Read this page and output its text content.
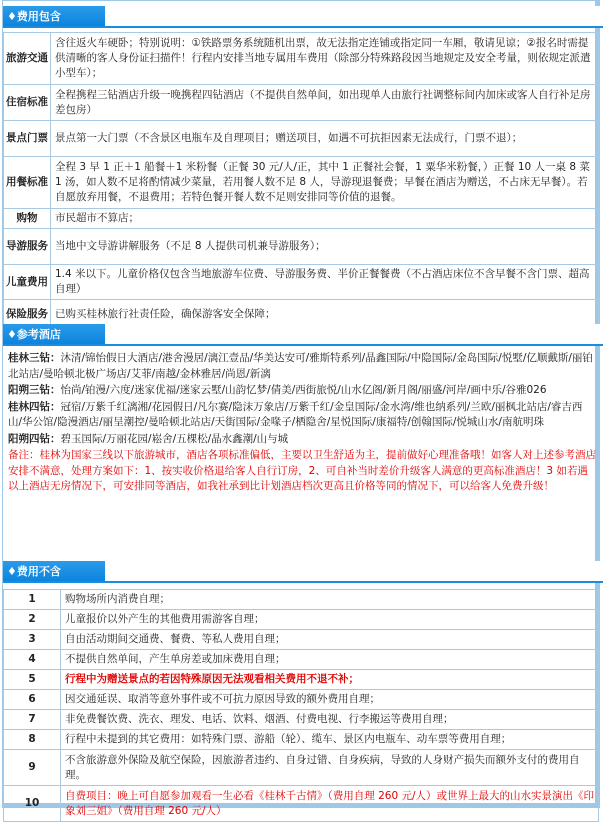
♦费用包含
旅游交通	含往返火车硬卧；特别说明：①铁路票务系统随机出票，故无法指定连铺或指定同一车厢，敬请见谅；②报名时需提供清晰的客人身份证扫描件！行程内安排当地专属用车费用（除部分特殊路段因当地规定及安全考量，则依规定派遣小型车）；
住宿标准	全程携程三钻酒店升级一晚携程四钻酒店（不提供自然单间，如出现单人由旅行社调整标间内加床或客人自行补足房差包房）
景点门票	景点第一大门票（不含景区电瓶车及自理项目；赠送项目，如遇不可抗拒因素无法成行，门票不退）；
用餐标准	全程 3 早 1 正＋1 船餐＋1 米粉餐（正餐 30 元/人/正，其中 1 正餐社会餐，1 粟华米粉餐，）正餐 10 人一桌 8 菜 1 汤，如人数不足将酌情减少菜量，若用餐人数不足 8 人，导游现退餐费；早餐在酒店为赠送，不占床无早餐）。若自愿放弃用餐，不退费用；若特色餐开餐人数不足则安排同等价值的退餐。
购物	市民超市不算店；
导游服务	当地中文导游讲解服务（不足 8 人提供司机兼导游服务）；
儿童费用	1.4 米以下。儿童价格仅包含当地旅游车位费、导游服务费、半价正餐餐费（不占酒店床位不含早餐不含门票、超高自理）
保险服务	已购买桂林旅行社责任险，确保游客安全保障；
♦参考酒店

桂林三钻：沐清/锦怡假日大酒店/港舍漫居/漓江壹品/华美达安可/雅斯特系列/晶鑫国际/中隐国际/金岛国际/悦墅/亿顺戴斯/丽铂北站店/曼哈顿北极广场店/艾菲/南越/金林雅居/尚恩/新漓

阳朔三钻：怡尚/铂漫/六度/迷家优福/迷家云墅/山韵忆梦/倩美/西街旅悦/山水亿阁/新月阁/丽盛/河岸/画中乐/谷雅026

桂林四钻：冠宿/万紫千红漓湘/花园假日/凡尔赛/隐沫万象店/万紫千红/金皇国际/金水湾/维也纳系列/兰欧/丽枫北站店/睿吉西山/华公馆/隐漫酒店/丽呈潮控/曼哈顿北站店/天街国际/金喙子/栖隐舍/星悦国际/康福特/创翰国际/悦城山水/南航明珠

阳朔四钻：碧玉国际/万丽花园/崧舍/五棵松/晶水鑫潮/山与城

备注：桂林为国家三线以下旅游城市，酒店各项标准偏低，主要以卫生舒适为主，提前做好心理准备哦！如客人对上述参考酒店安排不满意，处理方案如下：1、按实收价格退给客人自行订房，2、可自补当时差价升级客人满意的更高标准酒店！3 如若遇以上酒店无房情况下，可安排同等酒店，如我社承到比计划酒店档次更高且价格等同的情况下，可以给客人免费升级！

♦费用不含
1	购物场所内消费自理；
2	儿童报价以外产生的其他费用需游客自理；
3	自由活动期间交通费、餐费、等私人费用自理；
4	不提供自然单间，产生单房差或加床费用自理；
5	行程中为赠送景点的若因特殊原因无法观看相关费用不退不补；
6	因交通延误、取消等意外事件或不可抗力原因导致的额外费用自理；
7	非免费餐饮费、洗衣、理发、电话、饮料、烟酒、付费电视、行李搬运等费用自理；
8	行程中未提到的其它费用：如特殊门票、游船（轮）、缆车、景区内电瓶车、动车票等费用自理；
9	不含旅游意外保险及航空保险，因旅游者违约、自身过错、自身疾病，导致的人身财产损失而额外支付的费用自理。
10	自费项目：晚上可自愿参加观看一生必看《桂林千古情》（费用自理 260 元/人）或世界上最大的山水实景演出《印象刘三姐》（费用自理 260 元/人）
